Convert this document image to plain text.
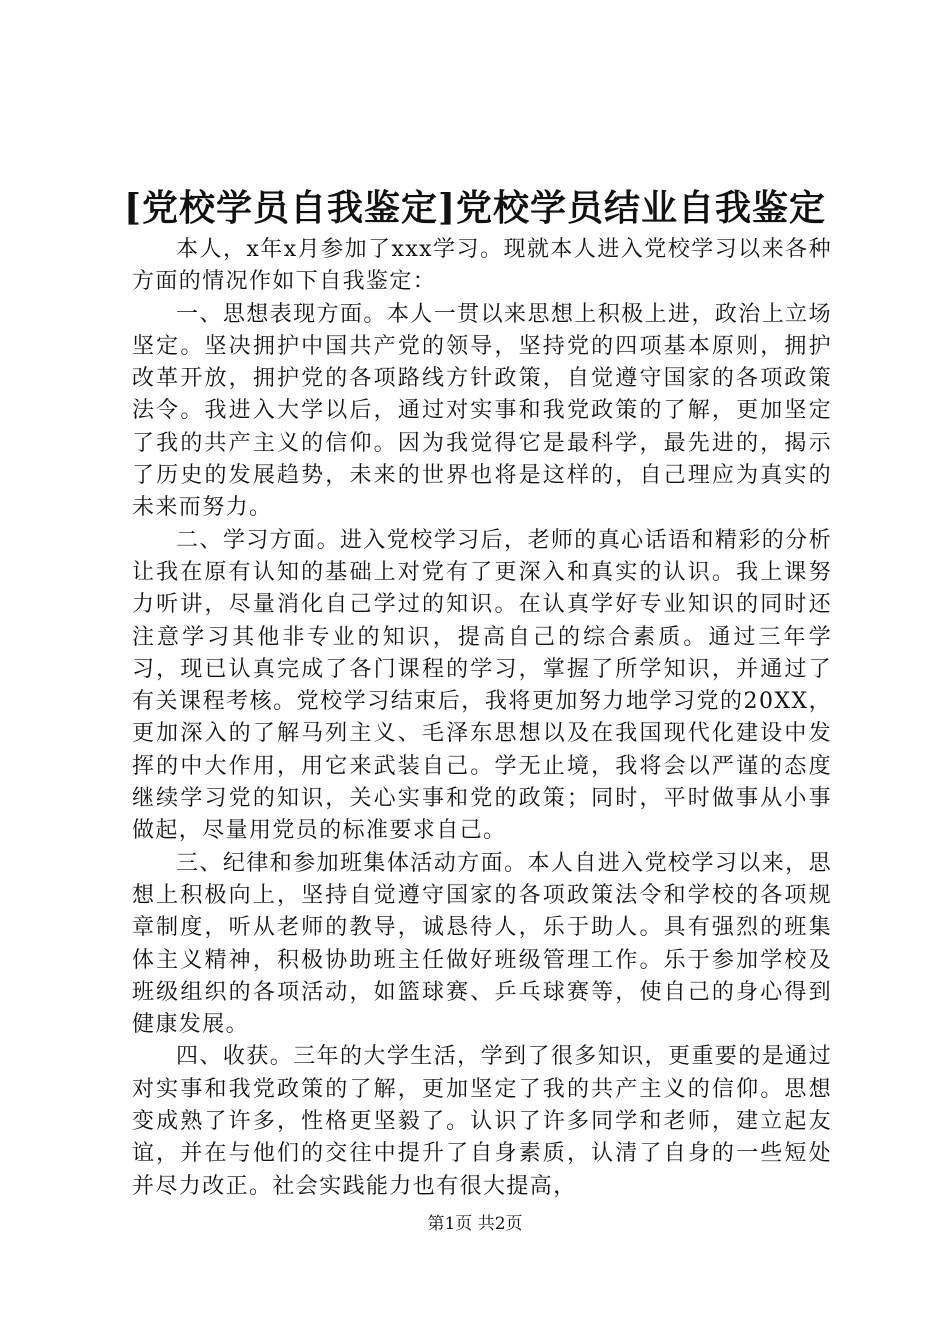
[党校学员自我鉴定]党校学员结业自我鉴定

本人，x年x月参加了xxx学习。现就本人进入党校学习以来各种方面的情况作如下自我鉴定：

一、思想表现方面。本人一贯以来思想上积极上进，政治上立场坚定。坚决拥护中国共产党的领导，坚持党的四项基本原则，拥护改革开放，拥护党的各项路线方针政策，自觉遵守国家的各项政策法令。我进入大学以后，通过对实事和我党政策的了解，更加坚定了我的共产主义的信仰。因为我觉得它是最科学，最先进的，揭示了历史的发展趋势，未来的世界也将是这样的，自己理应为真实的未来而努力。

二、学习方面。进入党校学习后，老师的真心话语和精彩的分析让我在原有认知的基础上对党有了更深入和真实的认识。我上课努力听讲，尽量消化自己学过的知识。在认真学好专业知识的同时还注意学习其他非专业的知识，提高自己的综合素质。通过三年学习，现已认真完成了各门课程的学习，掌握了所学知识，并通过了有关课程考核。党校学习结束后，我将更加努力地学习党的20XX，更加深入的了解马列主义、毛泽东思想以及在我国现代化建设中发挥的中大作用，用它来武装自己。学无止境，我将会以严谨的态度继续学习党的知识，关心实事和党的政策；同时，平时做事从小事做起，尽量用党员的标准要求自己。

三、纪律和参加班集体活动方面。本人自进入党校学习以来，思想上积极向上，坚持自觉遵守国家的各项政策法令和学校的各项规章制度，听从老师的教导，诚恳待人，乐于助人。具有强烈的班集体主义精神，积极协助班主任做好班级管理工作。乐于参加学校及班级组织的各项活动，如篮球赛、乒乓球赛等，使自己的身心得到健康发展。

四、收获。三年的大学生活，学到了很多知识，更重要的是通过对实事和我党政策的了解，更加坚定了我的共产主义的信仰。思想变成熟了许多，性格更坚毅了。认识了许多同学和老师，建立起友谊，并在与他们的交往中提升了自身素质，认清了自身的一些短处并尽力改正。社会实践能力也有很大提高，

第1页 共2页
